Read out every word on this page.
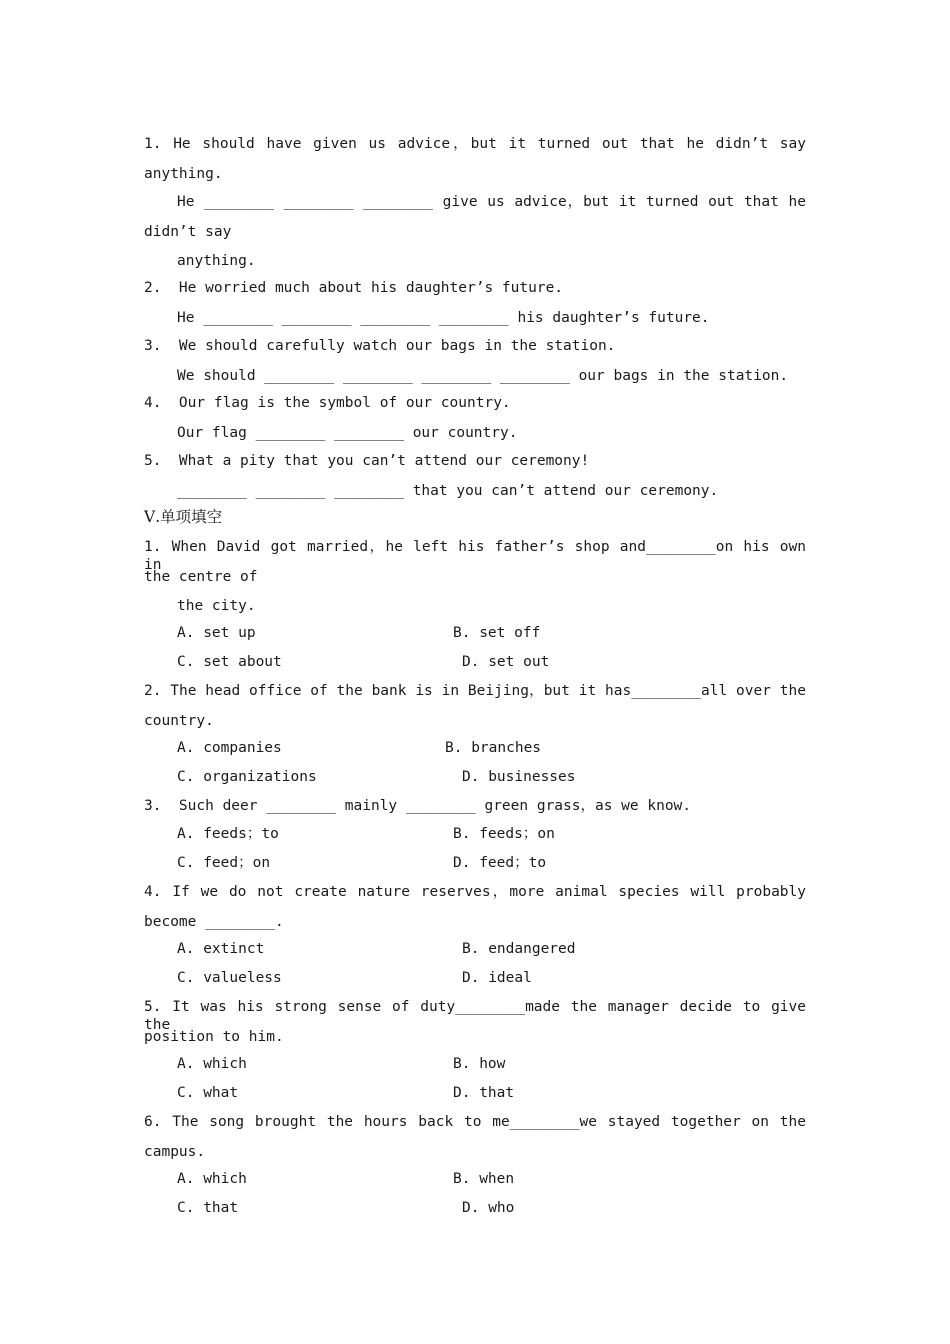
1. He should have given us advice，but it turned out that he didn’t say
anything.
He ________ ________ ________ give us advice，but it turned out that he
didn’t say
anything.
2.  He worried much about his daughter’s future.
He ________ ________ ________ ________ his daughter’s future.
3.  We should carefully watch our bags in the station.
We should ________ ________ ________ ________ our bags in the station.
4.  Our flag is the symbol of our country.
Our flag ________ ________ our country.
5.  What a pity that you can’t attend our ceremony!
________ ________ ________ that you can’t attend our ceremony.
Ⅴ.单项填空
1. When David got married，he left his father’s shop and________on his own in
the centre of
the city.
A. set up	B. set off
C. set about	D. set out
2. The head office of the bank is in Beijing，but it has________all over the
country.
A. companies	B. branches
C. organizations	D. businesses
3.  Such deer ________ mainly ________ green grass，as we know.
A. feeds；to	B. feeds；on
C. feed；on	D. feed；to
4. If we do not create nature reserves，more animal species will probably
become ________.
A. extinct	B. endangered
C. valueless	D. ideal
5. It was his strong sense of duty________made the manager decide to give the
position to him.
A. which	B. how
C. what	D. that
6. The song brought the hours back to me________we stayed together on the
campus.
A. which	B. when
C. that	D. who
